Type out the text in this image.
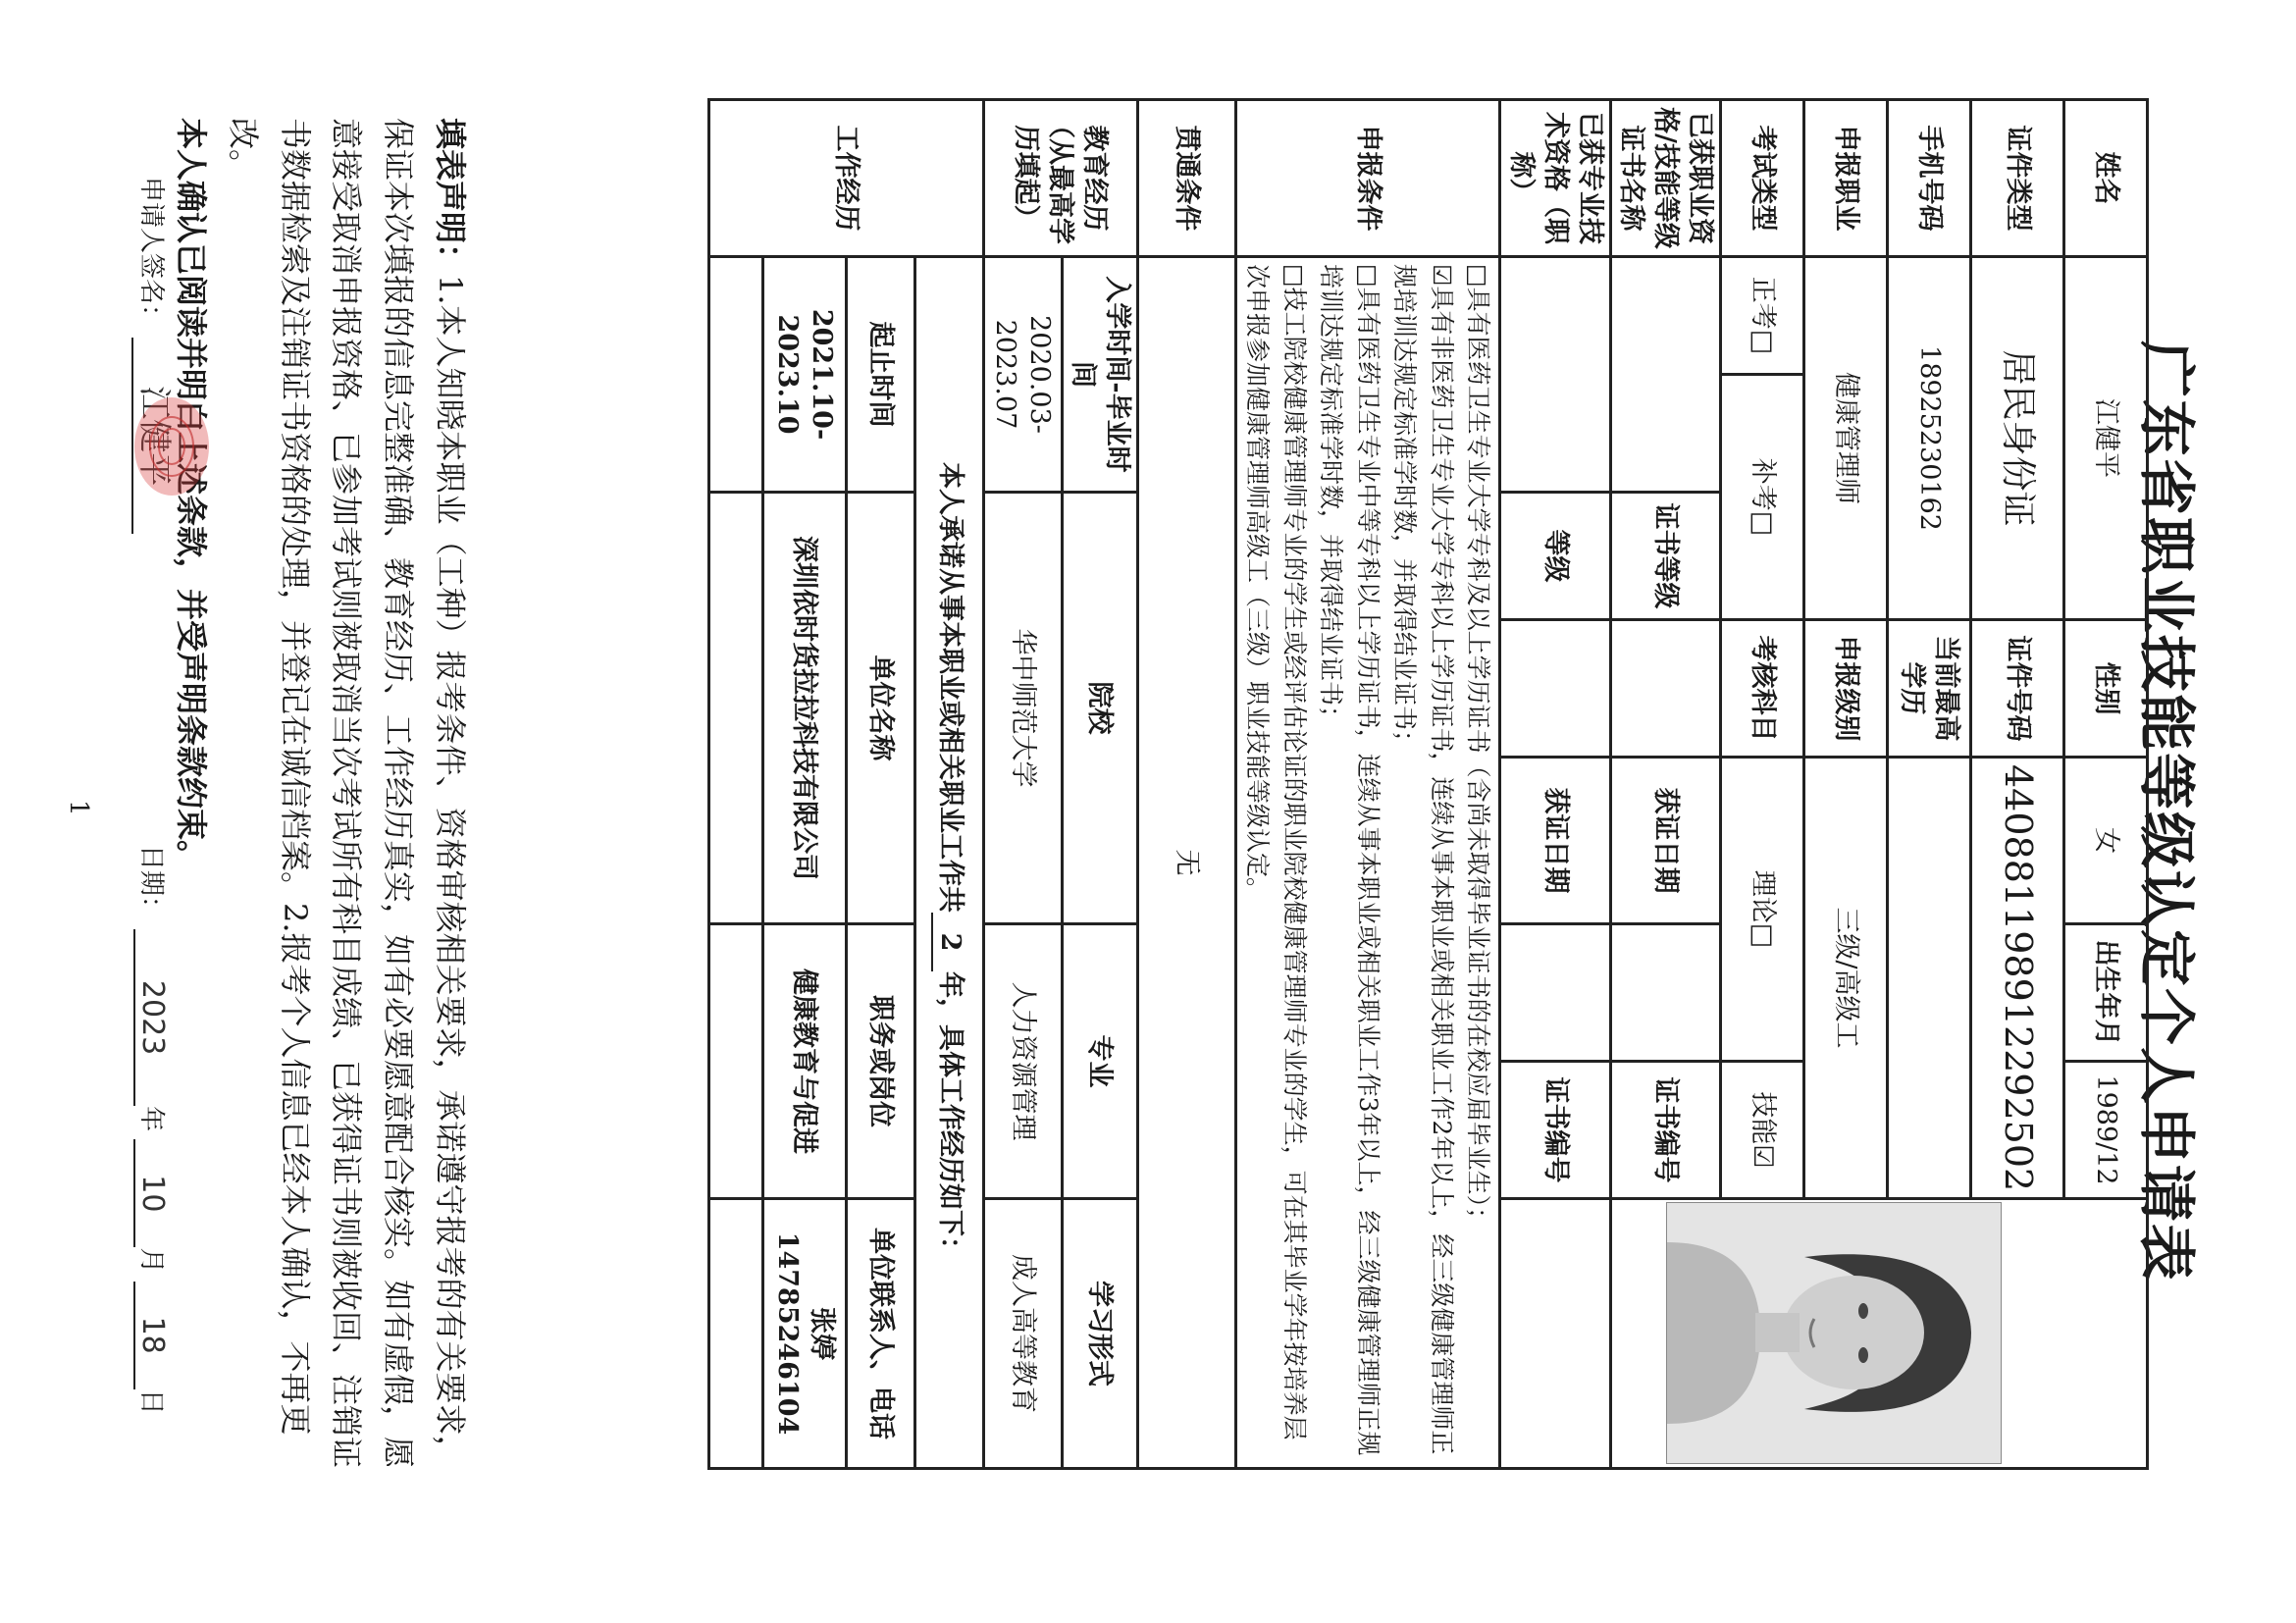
广东省职业技能等级认定个人申请表
姓名	江健平			性别	女	出生年月	1989/12	
证件类型	居民身份证			证件号码	440881198912292502			
手机号码	18925230162			当前最高学历				
申报职业	健康管理师			申报级别	三级/高级工			
考试类型	正考□	补考□		考核科目	理论□		技能☑	
已获职业资格/技能等级证书名称			证书等级		获证日期		证书编号	
已获专业技术资格（职称）			等级		获证日期		证书编号	
申报条件	□具有医药卫生专业大学专科及以上学历证书（含尚未取得毕业证书的在校应届毕业生）；
☑具有非医药卫生专业大学专科以上学历证书，连续从事本职业或相关职业工作2年以上，经三级健康管理师正规培训达规定标准学时数，并取得结业证书；
□具有医药卫生专业中等专科以上学历证书，连续从事本职业或相关职业工作3年以上，经三级健康管理师正规培训达规定标准学时数，并取得结业证书；
□技工院校健康管理师专业的学生或经评估论证的职业院校健康管理师专业的学生，可在其毕业学年按培养层次申报参加健康管理师高级工（三级）职业技能等级认定。							

贯通条件	无							
教育经历（从最高学历填起）	入学时间-毕业时间		院校			专业		学习形式
	2020.03-2023.07		华中师范大学			人力资源管理		成人高等教育
工作经历	本人承诺从事本职业或相关职业工作共2年，具体工作经历如下：							
	起止时间		单位名称			职务或岗位		单位联系人、电话
	2021.10-2023.10		深圳依时货拉拉科技有限公司			健康教育与促进		张婷 14785246104

填表声明：1.本人知晓本职业（工种）报考条件、资格审核相关要求，承诺遵守报考的有关要求，保证本次填报的信息完整准确、教育经历、工作经历真实，如有必要愿意配合核实。如有虚假，愿意接受取消申报资格、已参加考试则被取消当次考试所有科目成绩、已获得证书则被收回、注销证书数据检索及注销证书资格的处理，并登记在诚信档案。2.报考个人信息已经本人确认，不再更改。
本人确认已阅读并明白上述条款，并受声明条款约束。
申请人签名： 江健平  日期： 2023年 10月 18日
1
